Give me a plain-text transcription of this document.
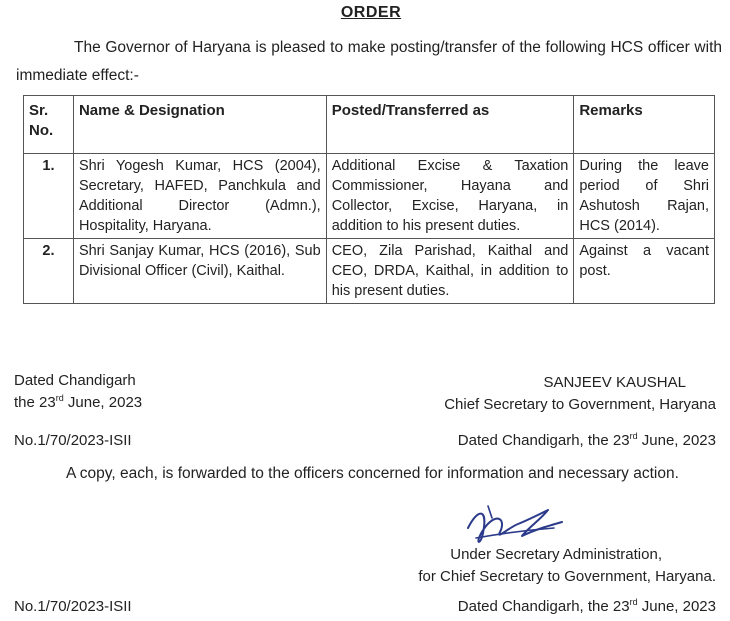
ORDER
The Governor of Haryana is pleased to make posting/transfer of the following HCS officer with immediate effect:-
Sr. No.	Name & Designation	Posted/Transferred as	Remarks
1.	Shri Yogesh Kumar, HCS (2004), Secretary, HAFED, Panchkula and Additional Director (Admn.), Hospitality, Haryana.	Additional Excise & Taxation Commissioner, Hayana and Collector, Excise, Haryana, in addition to his present duties.	During the leave period of Shri Ashutosh Rajan, HCS (2014).
2.	Shri Sanjay Kumar, HCS (2016), Sub Divisional Officer (Civil), Kaithal.	CEO, Zila Parishad, Kaithal and CEO, DRDA, Kaithal, in addition to his present duties.	Against a vacant post.
Dated Chandigarh
the 23rd June, 2023
SANJEEV KAUSHAL
Chief Secretary to Government, Haryana
No.1/70/2023-ISII	Dated Chandigarh, the 23rd June, 2023
A copy, each, is forwarded to the officers concerned for information and necessary action.
Under Secretary Administration,
for Chief Secretary to Government, Haryana.
No.1/70/2023-ISII	Dated Chandigarh, the 23rd June, 2023
